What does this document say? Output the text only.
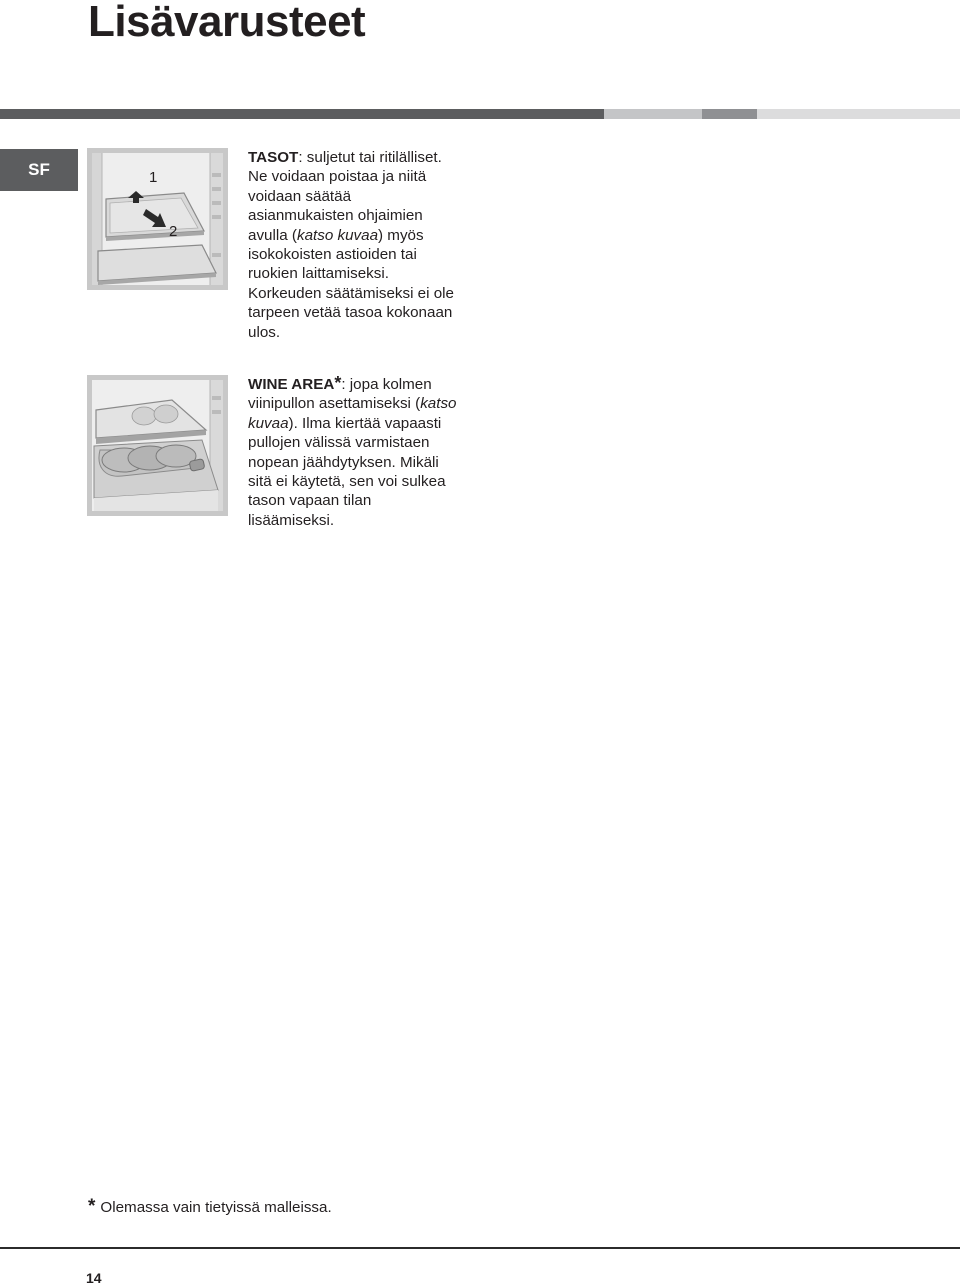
Lisävarusteet
SF	1
2
TASOT: suljetut tai ritilälliset.
Ne voidaan poistaa ja niitä
voidaan säätää
asianmukaisten ohjaimien
avulla (katso kuvaa) myös
isokokoisten astioiden tai
ruokien laittamiseksi.
Korkeuden säätämiseksi ei ole
tarpeen vetää tasoa kokonaan
ulos.
WINE AREA*: jopa kolmen
viinipullon asettamiseksi (katso
kuvaa). Ilma kiertää vapaasti
pullojen välissä varmistaen
nopean jäähdytyksen. Mikäli
sitä ei käytetä, sen voi sulkea
tason vapaan tilan
lisäämiseksi.
* Olemassa vain tietyissä malleissa.
14
